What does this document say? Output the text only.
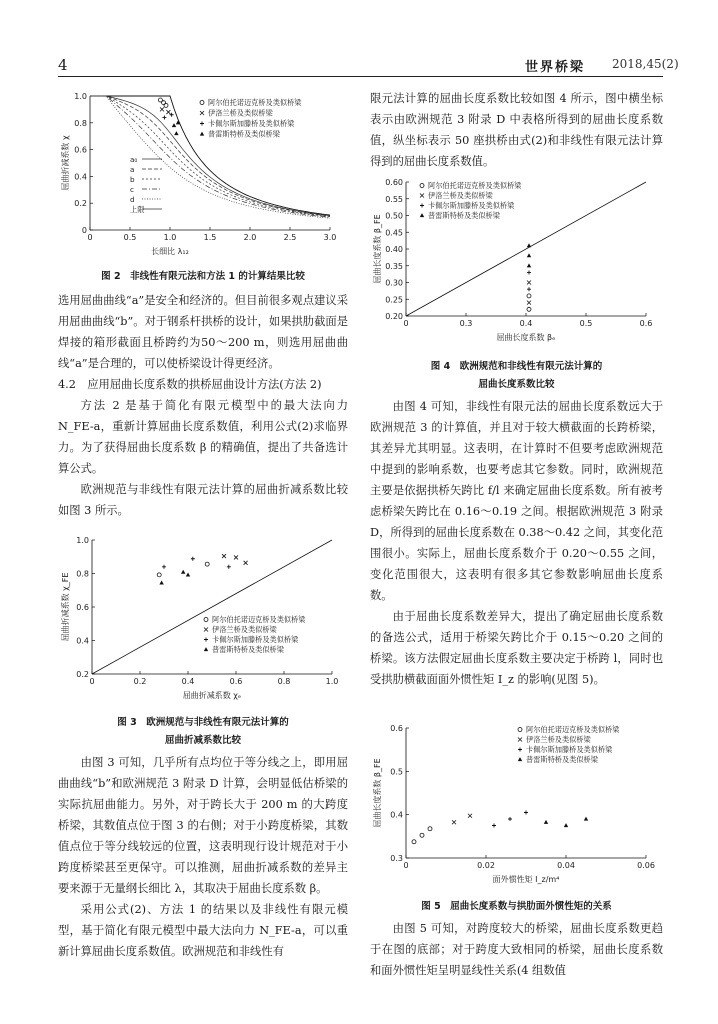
4	世界桥梁 2018,45(2)
0	0.5	1.0	1.5	2.0	2.5	3.0
0
0.2
0.4
0.6
0.8
1.0
a₀
a
b
c
d
上限
阿尔伯托诺迈克桥及类似桥梁
伊洛兰桥及类似桥梁
卡佩尔斯加滕桥及类似桥梁
普雷斯特桥及类似桥梁
长细比 λ₁₂
屈曲折减系数 χ
图 2　非线性有限元法和方法 1 的计算结果比较

选用屈曲曲线“a”是安全和经济的。但目前很多观点建议采用屈曲曲线“b”。对于钢系杆拱桥的设计，如果拱肋截面是焊接的箱形截面且桥跨约为50～200 m，则选用屈曲曲线“a”是合理的，可以使桥梁设计得更经济。

4.2　应用屈曲长度系数的拱桥屈曲设计方法(方法 2)

方法 2 是基于简化有限元模型中的最大法向力 N_FE-a，重新计算屈曲长度系数值，利用公式(2)求临界力。为了获得屈曲长度系数 β 的精确值，提出了共备选计算公式。

欧洲规范与非线性有限元法计算的屈曲折减系数比较如图 3 所示。

0	0.2	0.4	0.6	0.8	1.0
0.2
0.4
0.6
0.8
1.0
阿尔伯托诺迈克桥及类似桥梁
伊洛兰桥及类似桥梁
卡佩尔斯加滕桥及类似桥梁
普雷斯特桥及类似桥梁
屈曲折减系数 χₑ
屈曲折减系数 χ_FE
图 3　欧洲规范与非线性有限元法计算的
屈曲折减系数比较

由图 3 可知，几乎所有点均位于等分线之上，即用屈曲曲线“b”和欧洲规范 3 附录 D 计算，会明显低估桥梁的实际抗屈曲能力。另外，对于跨长大于 200 m 的大跨度桥梁，其数值点位于图 3 的右侧；对于小跨度桥梁，其数值点位于等分线较远的位置，这表明现行设计规范对于小跨度桥梁甚至更保守。可以推测，屈曲折减系数的差异主要来源于无量纲长细比 λ，其取决于屈曲长度系数 β。

采用公式(2)、方法 1 的结果以及非线性有限元模型，基于简化有限元模型中最大法向力 N_FE-a，可以重新计算屈曲长度系数值。欧洲规范和非线性有

限元法计算的屈曲长度系数比较如图 4 所示，图中横坐标表示由欧洲规范 3 附录 D 中表格所得到的屈曲长度系数值，纵坐标表示 50 座拱桥由式(2)和非线性有限元法计算得到的屈曲长度系数值。

0	0.3	0.4	0.5	0.6
0.20
0.25
0.30
0.35
0.40
0.45
0.50
0.55
0.60	阿尔伯托诺迈克桥及类似桥梁
伊洛兰桥及类似桥梁
卡佩尔斯加滕桥及类似桥梁
普雷斯特桥及类似桥梁
屈曲长度系数 βₑ
屈曲长度系数 β_FE
图 4　欧洲规范和非线性有限元法计算的
屈曲长度系数比较

由图 4 可知，非线性有限元法的屈曲长度系数远大于欧洲规范 3 的计算值，并且对于较大横截面的长跨桥梁，其差异尤其明显。这表明，在计算时不但要考虑欧洲规范中提到的影响系数，也要考虑其它参数。同时，欧洲规范主要是依据拱桥矢跨比 f/l 来确定屈曲长度系数。所有被考虑桥梁矢跨比在 0.16～0.19 之间。根据欧洲规范 3 附录 D，所得到的屈曲长度系数在 0.38～0.42 之间，其变化范围很小。实际上，屈曲长度系数介于 0.20～0.55 之间，变化范围很大，这表明有很多其它参数影响屈曲长度系数。

由于屈曲长度系数差异大，提出了确定屈曲长度系数的备选公式，适用于桥梁矢跨比介于 0.15～0.20 之间的桥梁。该方法假定屈曲长度系数主要决定于桥跨 l，同时也受拱肋横截面面外惯性矩 I_z 的影响(见图 5)。

0	0.02	0.04	0.06
0.3
0.4
0.5
0.6	阿尔伯托诺迈克桥及类似桥梁
伊洛兰桥及类似桥梁
卡佩尔斯加滕桥及类似桥梁
普雷斯特桥及类似桥梁
面外惯性矩 I_z/m⁴
屈曲长度系数 β_FE
图 5　屈曲长度系数与拱肋面外惯性矩的关系

由图 5 可知，对跨度较大的桥梁，屈曲长度系数更趋于在图的底部；对于跨度大致相同的桥梁，屈曲长度系数和面外惯性矩呈明显线性关系(4 组数值
